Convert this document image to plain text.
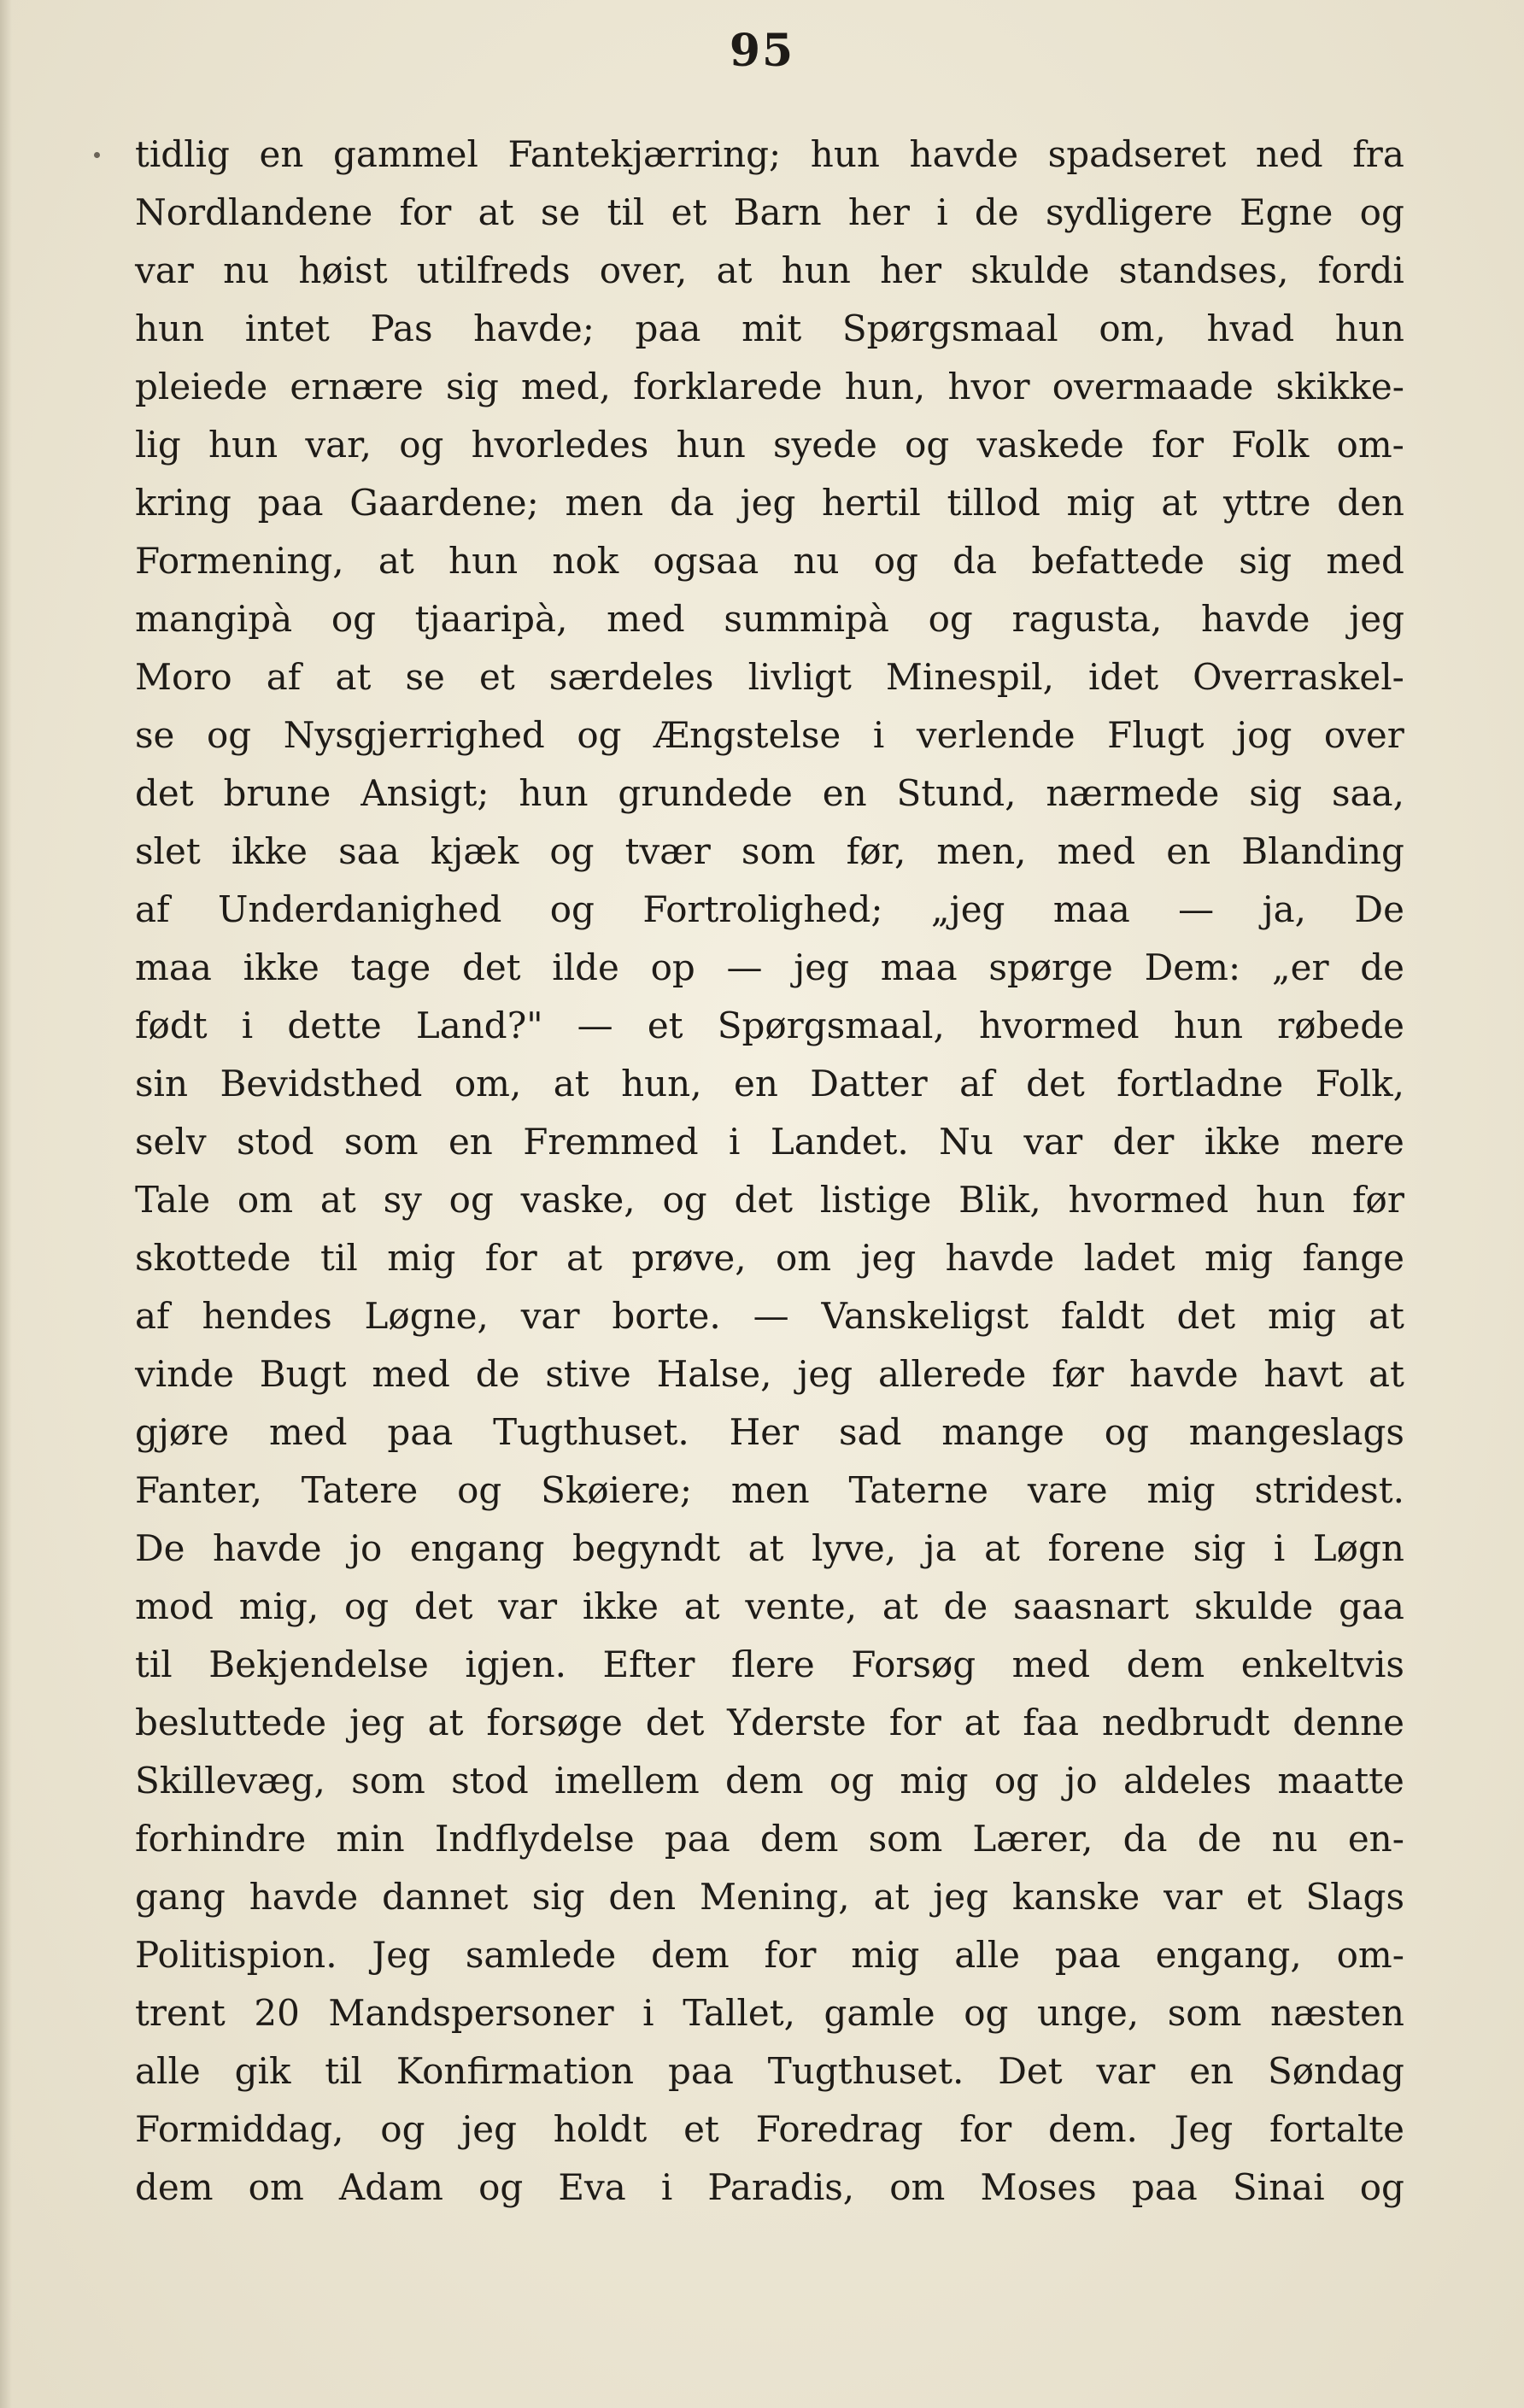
95
tidlig en gammel Fantekjærring; hun havde spadseret ned fra
Nordlandene for at se til et Barn her i de sydligere Egne og
var nu høist utilfreds over, at hun her skulde standses, fordi
hun intet Pas havde; paa mit Spørgsmaal om, hvad hun
pleiede ernære sig med, forklarede hun, hvor overmaade skikke-
lig hun var, og hvorledes hun syede og vaskede for Folk om-
kring paa Gaardene; men da jeg hertil tillod mig at yttre den
Formening, at hun nok ogsaa nu og da befattede sig med
mangipà og tjaaripà, med summipà og ragusta, havde jeg
Moro af at se et særdeles livligt Minespil, idet Overraskel-
se og Nysgjerrighed og Ængstelse i verlende Flugt jog over
det brune Ansigt; hun grundede en Stund, nærmede sig saa,
slet ikke saa kjæk og tvær som før, men, med en Blanding
af Underdanighed og Fortrolighed; „jeg maa — ja, De
maa ikke tage det ilde op — jeg maa spørge Dem: „er de
født i dette Land?" — et Spørgsmaal, hvormed hun røbede
sin Bevidsthed om, at hun, en Datter af det fortladne Folk,
selv stod som en Fremmed i Landet. Nu var der ikke mere
Tale om at sy og vaske, og det listige Blik, hvormed hun før
skottede til mig for at prøve, om jeg havde ladet mig fange
af hendes Løgne, var borte. — Vanskeligst faldt det mig at
vinde Bugt med de stive Halse, jeg allerede før havde havt at
gjøre med paa Tugthuset. Her sad mange og mangeslags
Fanter, Tatere og Skøiere; men Taterne vare mig stridest.
De havde jo engang begyndt at lyve, ja at forene sig i Løgn
mod mig, og det var ikke at vente, at de saasnart skulde gaa
til Bekjendelse igjen. Efter flere Forsøg med dem enkeltvis
besluttede jeg at forsøge det Yderste for at faa nedbrudt denne
Skillevæg, som stod imellem dem og mig og jo aldeles maatte
forhindre min Indflydelse paa dem som Lærer, da de nu en-
gang havde dannet sig den Mening, at jeg kanske var et Slags
Politispion. Jeg samlede dem for mig alle paa engang, om-
trent 20 Mandspersoner i Tallet, gamle og unge, som næsten
alle gik til Konfirmation paa Tugthuset. Det var en Søndag
Formiddag, og jeg holdt et Foredrag for dem. Jeg fortalte
dem om Adam og Eva i Paradis, om Moses paa Sinai og
